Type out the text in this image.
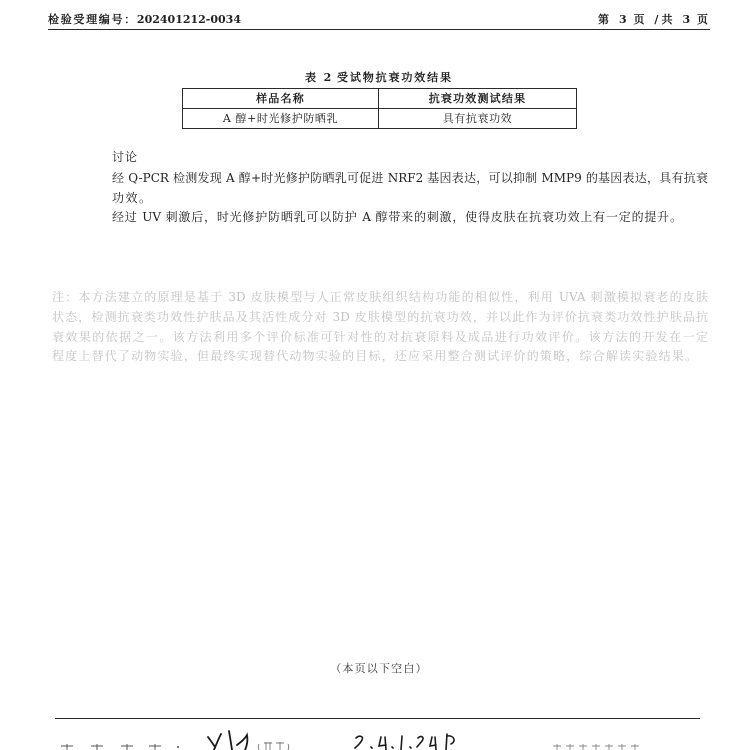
检验受理编号：202401212-0034	第 3 页 /共 3 页
表 2 受试物抗衰功效结果
样品名称	抗衰功效测试结果
A 醇+时光修护防晒乳	具有抗衰功效
讨论
经 Q-PCR 检测发现 A 醇+时光修护防晒乳可促进 NRF2 基因表达，可以抑制 MMP9 的基因表达，具有抗衰
功效。
经过 UV 刺激后，时光修护防晒乳可以防护 A 醇带来的刺激，使得皮肤在抗衰功效上有一定的提升。
注：本方法建立的原理是基于 3D 皮肤模型与人正常皮肤组织结构功能的相似性，利用 UVA 刺激模拟衰老的皮肤
状态，检测抗衰类功效性护肤品及其活性成分对 3D 皮肤模型的抗衰功效，并以此作为评价抗衰类功效性护肤品抗
衰效果的依据之一。该方法利用多个评价标准可针对性的对抗衰原料及成品进行功效评价。该方法的开发在一定
程度上替代了动物实验，但最终实现替代动物实验的目标，还应采用整合测试评价的策略，综合解读实验结果。
（本页以下空白）
